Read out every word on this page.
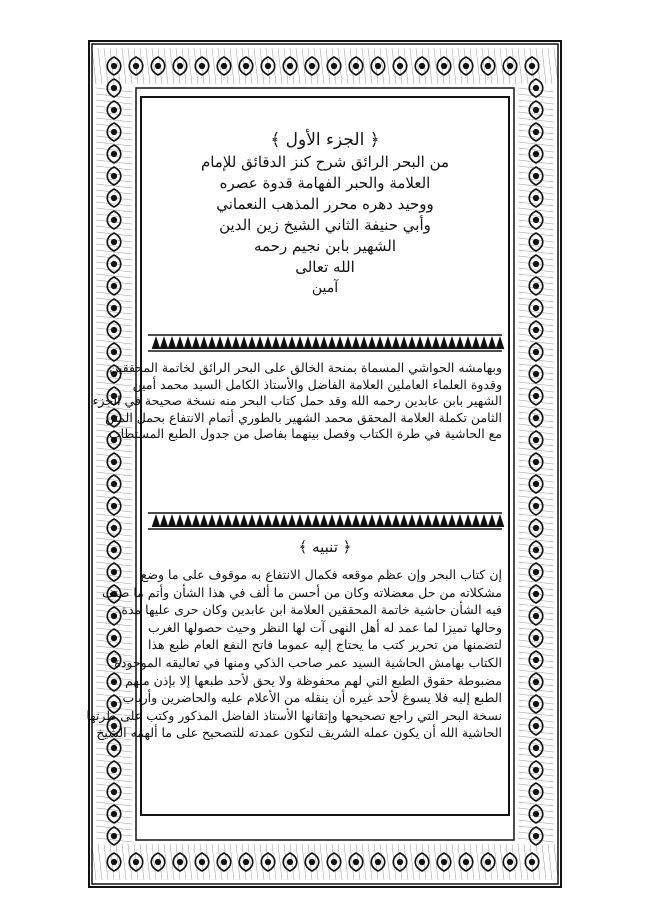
﴿ الجزء الأول ﴾
من البحر الرائق شرح كنز الدقائق للإمام
العلامة والحبر الفهامة قدوة عصره
ووحيد دهره محرر المذهب النعماني
وأبي حنيفة الثاني الشيخ زين الدين
الشهير بابن نجيم رحمه
الله تعالى
آمين
وبهامشه الحواشي المسماة بمنحة الخالق على البحر الرائق لخاتمة المحققين
وقدوة العلماء العاملين العلامة الفاضل والأستاذ الكامل السيد محمد أمين
الشهير بابن عابدين رحمه الله وقد حمل كتاب البحر منه نسخة صحيحة في الجزء
الثامن تكملة العلامة المحقق محمد الشهير بالطوري أتمام الانتفاع بحمل المتن
مع الحاشية في طرة الكتاب وفصل بينهما بفاصل من جدول الطبع المستطاب
﴿ تنبيه ﴾
إن كتاب البحر وإن عظم موقعه فكمال الانتفاع به موقوف على ما وضع
مشكلاته من حل معضلاته وكان من أحسن ما ألف في هذا الشأن وأتم ما صنف
فيه الشأن حاشية خاتمة المحققين العلامة ابن عابدين وكان حرى عليها مدة
وحالها تميزا لما عمد له أهل النهى آت لها النظر وحيث حصولها الغرب
لتضمنها من تحرير كتب ما يحتاج إليه عموما فاتح النفع العام طبع هذا
الكتاب بهامش الحاشية السيد عمر صاحب الذكي ومنها في تعاليقه الموجودة
مضبوطة حقوق الطبع التي لهم محفوظة ولا يحق لأحد طبعها إلا بإذن منهم
الطبع إليه فلا يسوغ لأحد غيره أن ينقله من الأعلام عليه والحاضرين وأرباب
نسخة البحر التي راجع تصحيحها وإتقانها الأستاذ الفاضل المذكور وكتب على طرتها
الحاشية الله أن يكون عمله الشريف لتكون عمدته للتصحيح على ما ألهمه الشيخ
